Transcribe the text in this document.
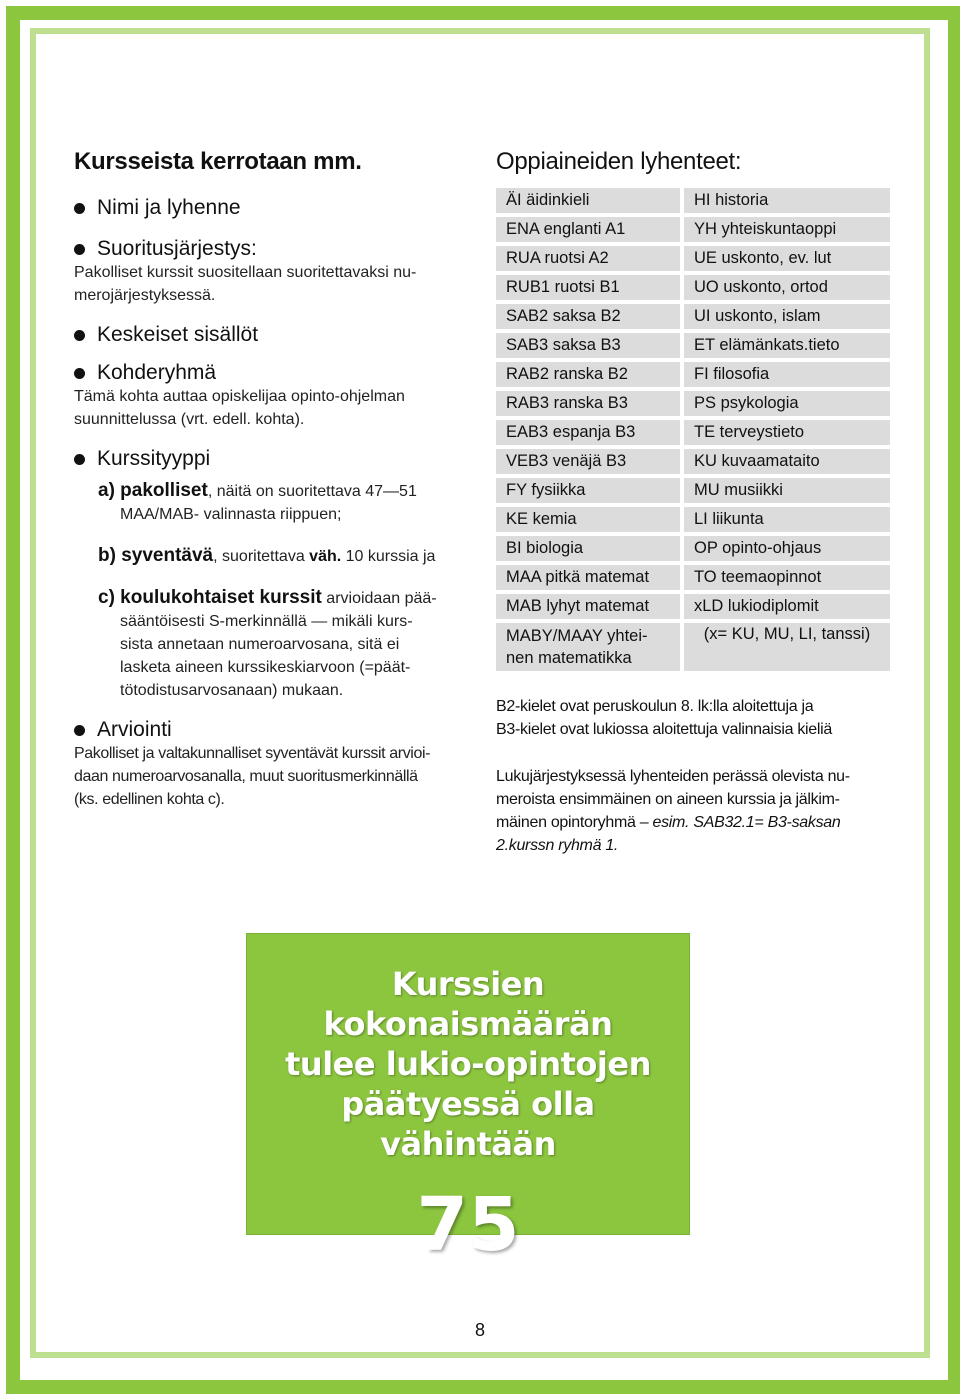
Kursseista kerrotaan mm.
Nimi ja lyhenne
Suoritusjärjestys:
Pakolliset kurssit suositellaan suoritettavaksi nu-
merojärjestyksessä.
Keskeiset sisällöt
Kohderyhmä
Tämä kohta auttaa opiskelijaa opinto-ohjelman
suunnittelussa (vrt. edell. kohta).
Kurssityyppi
a) pakolliset, näitä on suoritettava 47—51
MAA/MAB- valinnasta riippuen;
b) syventävä, suoritettava väh. 10 kurssia ja
c) koulukohtaiset kurssit arvioidaan pää-
sääntöisesti S-merkinnällä — mikäli kurs-
sista annetaan numeroarvosana, sitä ei
lasketa aineen kurssikeskiarvoon (=päät-
tötodistusarvosanaan) mukaan.
Arviointi
Pakolliset ja valtakunnalliset syventävät kurssit arvioi-
daan numeroarvosanalla, muut suoritusmerkinnällä
(ks. edellinen kohta c).
Oppiaineiden lyhenteet:
ÄI äidinkieli	HI historia
ENA englanti A1	YH yhteiskuntaoppi
RUA ruotsi A2	UE uskonto, ev. lut
RUB1 ruotsi B1	UO uskonto, ortod
SAB2 saksa B2	UI uskonto, islam
SAB3 saksa B3	ET elämänkats.tieto
RAB2 ranska B2	FI filosofia
RAB3 ranska B3	PS psykologia
EAB3 espanja B3	TE terveystieto
VEB3 venäjä B3	KU kuvaamataito
FY fysiikka	MU musiikki
KE kemia	LI liikunta
BI biologia	OP opinto-ohjaus
MAA pitkä matemat	TO teemaopinnot
MAB lyhyt matemat	xLD lukiodiplomit
MABY/MAAY yhtei-
nen matematikka	(x= KU, MU, LI, tanssi)
B2-kielet ovat peruskoulun 8. lk:lla aloitettuja ja
B3-kielet ovat lukiossa aloitettuja valinnaisia kieliä
Lukujärjestyksessä lyhenteiden perässä olevista nu-
meroista ensimmäinen on aineen kurssia ja jälkim-
mäinen opintoryhmä – esim. SAB32.1= B3-saksan
2.kurssn ryhmä 1.
Kurssien kokonaismäärän
tulee lukio-opintojen
päätyessä olla
vähintään
75
8
